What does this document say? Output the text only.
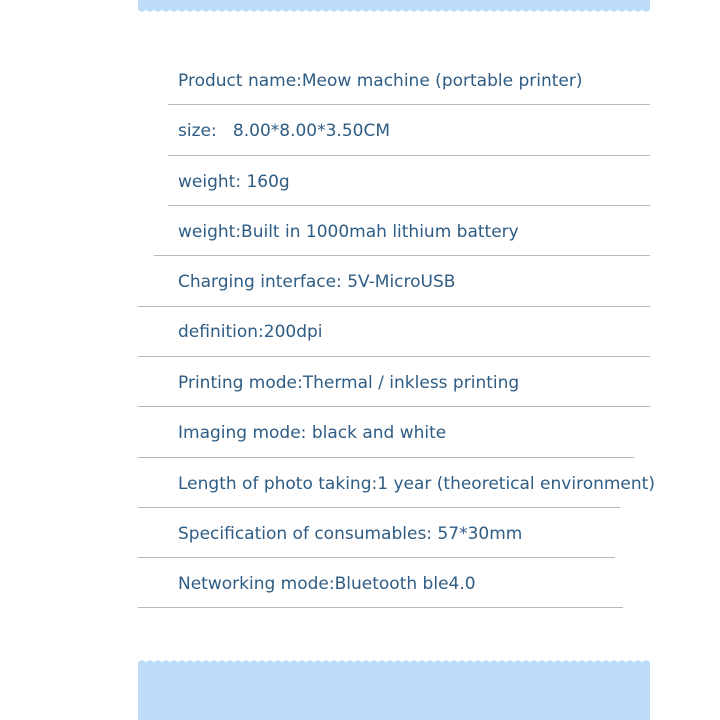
Product name:Meow machine (portable printer)
size:   8.00*8.00*3.50CM
weight: 160g
weight:Built in 1000mah lithium battery
Charging interface: 5V-MicroUSB
definition:200dpi
Printing mode:Thermal / inkless printing
Imaging mode: black and white
Length of photo taking:1 year (theoretical environment)
Specification of consumables: 57*30mm
Networking mode:Bluetooth ble4.0
